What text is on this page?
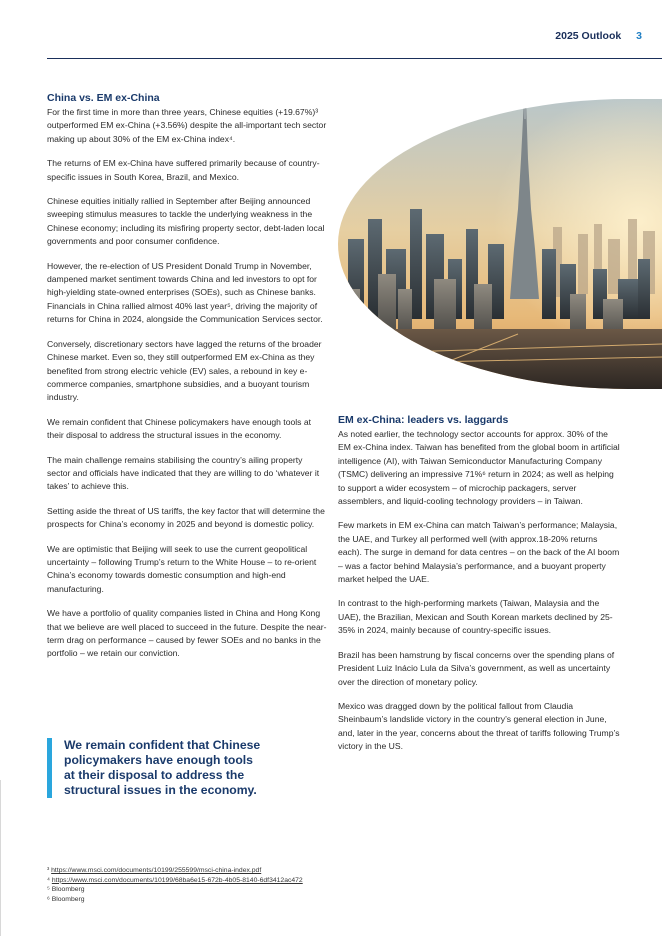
2025 Outlook 3
China vs. EM ex-China

For the first time in more than three years, Chinese equities (+19.67%)³ outperformed EM ex-China (+3.56%) despite the all-important tech sector making up about 30% of the EM ex-China index⁴.

The returns of EM ex-China have suffered primarily because of country-specific issues in South Korea, Brazil, and Mexico.

Chinese equities initially rallied in September after Beijing announced sweeping stimulus measures to tackle the underlying weakness in the Chinese economy; including its misfiring property sector, debt-laden local governments and poor consumer confidence.

However, the re-election of US President Donald Trump in November, dampened market sentiment towards China and led investors to opt for high-yielding state-owned enterprises (SOEs), such as Chinese banks. Financials in China rallied almost 40% last year⁵, driving the majority of returns for China in 2024, alongside the Communication Services sector.

Conversely, discretionary sectors have lagged the returns of the broader Chinese market. Even so, they still outperformed EM ex-China as they benefited from strong electric vehicle (EV) sales, a rebound in key e-commerce companies, smartphone subsidies, and a buoyant tourism industry.

We remain confident that Chinese policymakers have enough tools at their disposal to address the structural issues in the economy.

The main challenge remains stabilising the country’s ailing property sector and officials have indicated that they are willing to do ‘whatever it takes’ to achieve this.

Setting aside the threat of US tariffs, the key factor that will determine the prospects for China’s economy in 2025 and beyond is domestic policy.

We are optimistic that Beijing will seek to use the current geopolitical uncertainty – following Trump’s return to the White House – to re-orient China’s economy towards domestic consumption and high-end manufacturing.

We have a portfolio of quality companies listed in China and Hong Kong that we believe are well placed to succeed in the future. Despite the near-term drag on performance – caused by fewer SOEs and no banks in the portfolio – we retain our conviction.

EM ex-China: leaders vs. laggards

As noted earlier, the technology sector accounts for approx. 30% of the EM ex-China index. Taiwan has benefited from the global boom in artificial intelligence (AI), with Taiwan Semiconductor Manufacturing Company (TSMC) delivering an impressive 71%⁶ return in 2024; as well as helping to support a wider ecosystem – of microchip packagers, server assemblers, and liquid-cooling technology providers – in Taiwan.

Few markets in EM ex-China can match Taiwan’s performance; Malaysia, the UAE, and Turkey all performed well (with approx.18-20% returns each). The surge in demand for data centres – on the back of the AI boom – was a factor behind Malaysia’s performance, and a buoyant property market helped the UAE.

In contrast to the high-performing markets (Taiwan, Malaysia and the UAE), the Brazilian, Mexican and South Korean markets declined by 25-35% in 2024, mainly because of country-specific issues.

Brazil has been hamstrung by fiscal concerns over the spending plans of President Luiz Inácio Lula da Silva’s government, as well as uncertainty over the direction of monetary policy.

Mexico was dragged down by the political fallout from Claudia Sheinbaum’s landslide victory in the country’s general election in June, and, later in the year, concerns about the threat of tariffs following Trump’s victory in the US.

We remain confident that Chinese
policymakers have enough tools
at their disposal to address the
structural issues in the economy.
³ https://www.msci.com/documents/10199/255599/msci-china-index.pdf
⁴ https://www.msci.com/documents/10199/68ba6e15-672b-4b05-8140-6df3412ac472
⁵ Bloomberg
⁶ Bloomberg
